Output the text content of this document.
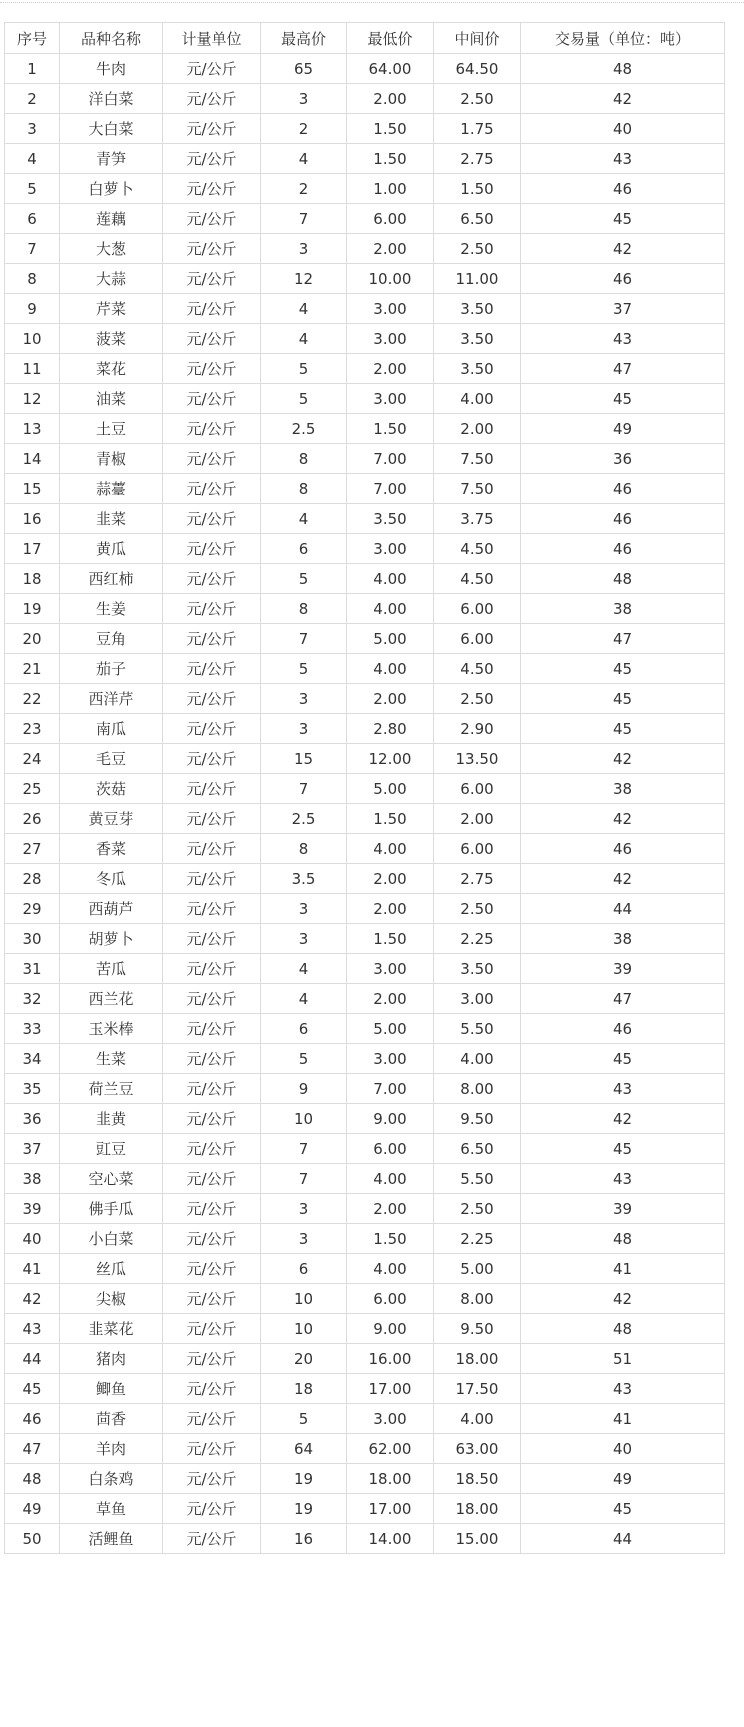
序号	品种名称	计量单位	最高价	最低价	中间价	交易量（单位：吨）
1	牛肉	元/公斤	65	64.00	64.50	48
2	洋白菜	元/公斤	3	2.00	2.50	42
3	大白菜	元/公斤	2	1.50	1.75	40
4	青笋	元/公斤	4	1.50	2.75	43
5	白萝卜	元/公斤	2	1.00	1.50	46
6	莲藕	元/公斤	7	6.00	6.50	45
7	大葱	元/公斤	3	2.00	2.50	42
8	大蒜	元/公斤	12	10.00	11.00	46
9	芹菜	元/公斤	4	3.00	3.50	37
10	菠菜	元/公斤	4	3.00	3.50	43
11	菜花	元/公斤	5	2.00	3.50	47
12	油菜	元/公斤	5	3.00	4.00	45
13	土豆	元/公斤	2.5	1.50	2.00	49
14	青椒	元/公斤	8	7.00	7.50	36
15	蒜薹	元/公斤	8	7.00	7.50	46
16	韭菜	元/公斤	4	3.50	3.75	46
17	黄瓜	元/公斤	6	3.00	4.50	46
18	西红柿	元/公斤	5	4.00	4.50	48
19	生姜	元/公斤	8	4.00	6.00	38
20	豆角	元/公斤	7	5.00	6.00	47
21	茄子	元/公斤	5	4.00	4.50	45
22	西洋芹	元/公斤	3	2.00	2.50	45
23	南瓜	元/公斤	3	2.80	2.90	45
24	毛豆	元/公斤	15	12.00	13.50	42
25	茨菇	元/公斤	7	5.00	6.00	38
26	黄豆芽	元/公斤	2.5	1.50	2.00	42
27	香菜	元/公斤	8	4.00	6.00	46
28	冬瓜	元/公斤	3.5	2.00	2.75	42
29	西葫芦	元/公斤	3	2.00	2.50	44
30	胡萝卜	元/公斤	3	1.50	2.25	38
31	苦瓜	元/公斤	4	3.00	3.50	39
32	西兰花	元/公斤	4	2.00	3.00	47
33	玉米棒	元/公斤	6	5.00	5.50	46
34	生菜	元/公斤	5	3.00	4.00	45
35	荷兰豆	元/公斤	9	7.00	8.00	43
36	韭黄	元/公斤	10	9.00	9.50	42
37	豇豆	元/公斤	7	6.00	6.50	45
38	空心菜	元/公斤	7	4.00	5.50	43
39	佛手瓜	元/公斤	3	2.00	2.50	39
40	小白菜	元/公斤	3	1.50	2.25	48
41	丝瓜	元/公斤	6	4.00	5.00	41
42	尖椒	元/公斤	10	6.00	8.00	42
43	韭菜花	元/公斤	10	9.00	9.50	48
44	猪肉	元/公斤	20	16.00	18.00	51
45	鲫鱼	元/公斤	18	17.00	17.50	43
46	茴香	元/公斤	5	3.00	4.00	41
47	羊肉	元/公斤	64	62.00	63.00	40
48	白条鸡	元/公斤	19	18.00	18.50	49
49	草鱼	元/公斤	19	17.00	18.00	45
50	活鲤鱼	元/公斤	16	14.00	15.00	44
